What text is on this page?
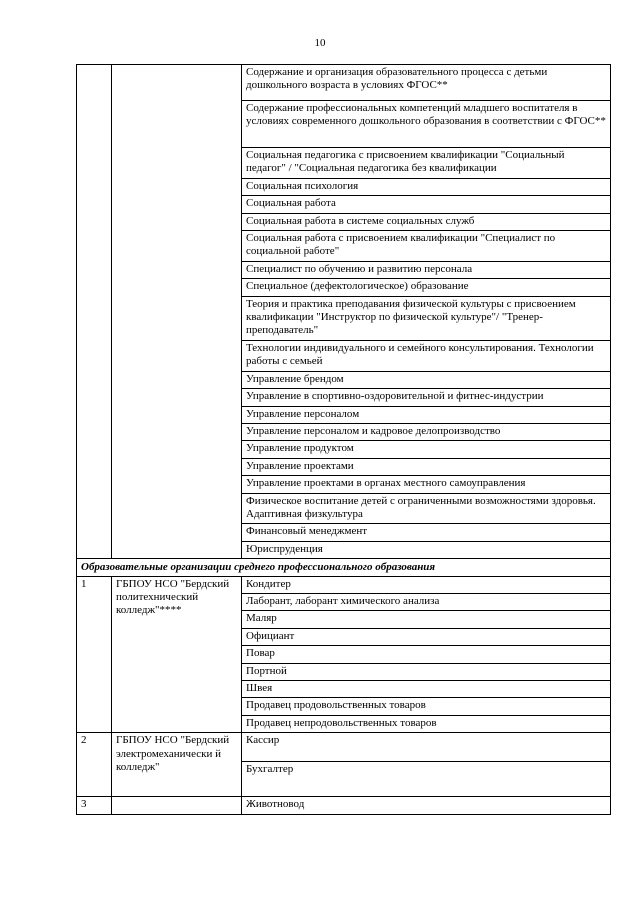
10
		Содержание и организация образовательного процесса с детьми дошкольного возраста в условиях ФГОС**
		Содержание профессиональных компетенций младшего воспитателя в условиях современного дошкольного образования в соответствии с ФГОС**
		Социальная педагогика с присвоением квалификации "Социальный педагог" / "Социальная педагогика без квалификации
		Социальная психология
		Социальная работа
		Социальная работа в системе социальных служб
		Социальная работа с присвоением квалификации "Специалист по социальной работе"
		Специалист по обучению и развитию персонала
		Специальное (дефектологическое) образование
		Теория и практика преподавания физической культуры с присвоением квалификации "Инструктор по физической культуре"/ "Тренер-преподаватель"
		Технологии индивидуального и семейного консультирования. Технологии работы с семьей
		Управление брендом
		Управление в спортивно-оздоровительной и фитнес-индустрии
		Управление персоналом
		Управление персоналом и кадровое делопроизводство
		Управление продуктом
		Управление проектами
		Управление проектами в органах местного самоуправления
		Физическое воспитание детей с ограниченными возможностями здоровья. Адаптивная физкультура
		Финансовый менеджмент
		Юриспруденция
Образовательные организации среднего профессионального образования		
1	ГБПОУ НСО "Бердский политехнический колледж"****	Кондитер
		Лаборант, лаборант химического анализа
		Маляр
		Официант
		Повар
		Портной
		Швея
		Продавец продовольственных товаров
		Продавец непродовольственных товаров
2	ГБПОУ НСО "Бердский электромеханически й колледж"	Кассир
		Бухгалтер
3		Животновод
